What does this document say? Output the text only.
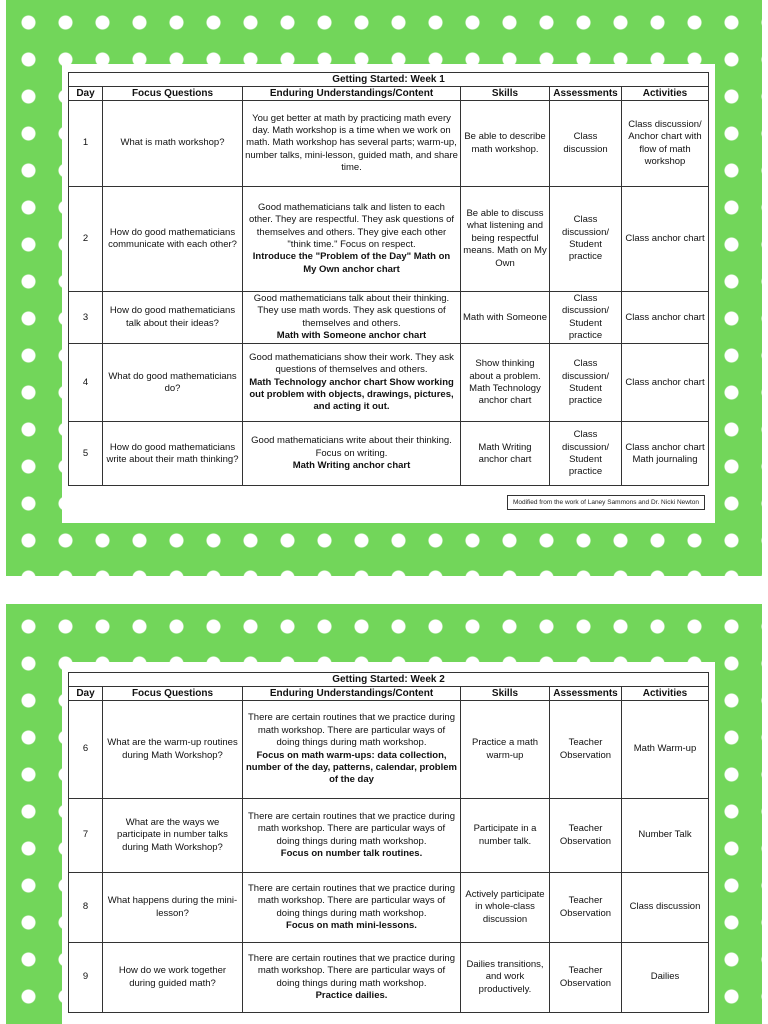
Getting Started: Week 1					
Day	Focus Questions	Enduring Understandings/Content	Skills	Assessments	Activities
1	What is math workshop?	You get better at math by practicing math every day. Math workshop is a time when we work on math. Math workshop has several parts; warm-up, number talks, mini-lesson, guided math, and share time.	Be able to describe math workshop.	Class discussion	Class discussion/ Anchor chart with flow of math workshop
2	How do good mathematicians communicate with each other?	Good mathematicians talk and listen to each other. They are respectful. They ask questions of themselves and others. They give each other "think time." Focus on respect.
Introduce the "Problem of the Day" Math on My Own anchor chart	Be able to discuss what listening and being respectful means. Math on My Own	Class discussion/ Student practice	Class anchor chart
3	How do good mathematicians talk about their ideas?	Good mathematicians talk about their thinking. They use math words. They ask questions of themselves and others.
Math with Someone anchor chart	Math with Someone	Class discussion/ Student practice	Class anchor chart
4	What do good mathematicians do?	Good mathematicians show their work. They ask questions of themselves and others.
Math Technology anchor chart Show working out problem with objects, drawings, pictures, and acting it out.	Show thinking about a problem. Math Technology anchor chart	Class discussion/ Student practice	Class anchor chart
5	How do good mathematicians write about their math thinking?	Good mathematicians write about their thinking. Focus on writing.
Math Writing anchor chart	Math Writing anchor chart	Class discussion/ Student practice	Class anchor chart Math journaling
Modified from the work of Laney Sammons and Dr. Nicki Newton
Getting Started: Week 2					
Day	Focus Questions	Enduring Understandings/Content	Skills	Assessments	Activities
6	What are the warm-up routines during Math Workshop?	There are certain routines that we practice during math workshop. There are particular ways of doing things during math workshop.
Focus on math warm-ups: data collection, number of the day, patterns, calendar, problem of the day	Practice a math warm-up	Teacher Observation	Math Warm-up
7	What are the ways we participate in number talks during Math Workshop?	There are certain routines that we practice during math workshop. There are particular ways of doing things during math workshop.
Focus on number talk routines.	Participate in a number talk.	Teacher Observation	Number Talk
8	What happens during the mini-lesson?	There are certain routines that we practice during math workshop. There are particular ways of doing things during math workshop.
Focus on math mini-lessons.	Actively participate in whole-class discussion	Teacher Observation	Class discussion
9	How do we work together during guided math?	There are certain routines that we practice during math workshop. There are particular ways of doing things during math workshop.
Practice dailies.	Dailies transitions, and work productively.	Teacher Observation	Dailies
